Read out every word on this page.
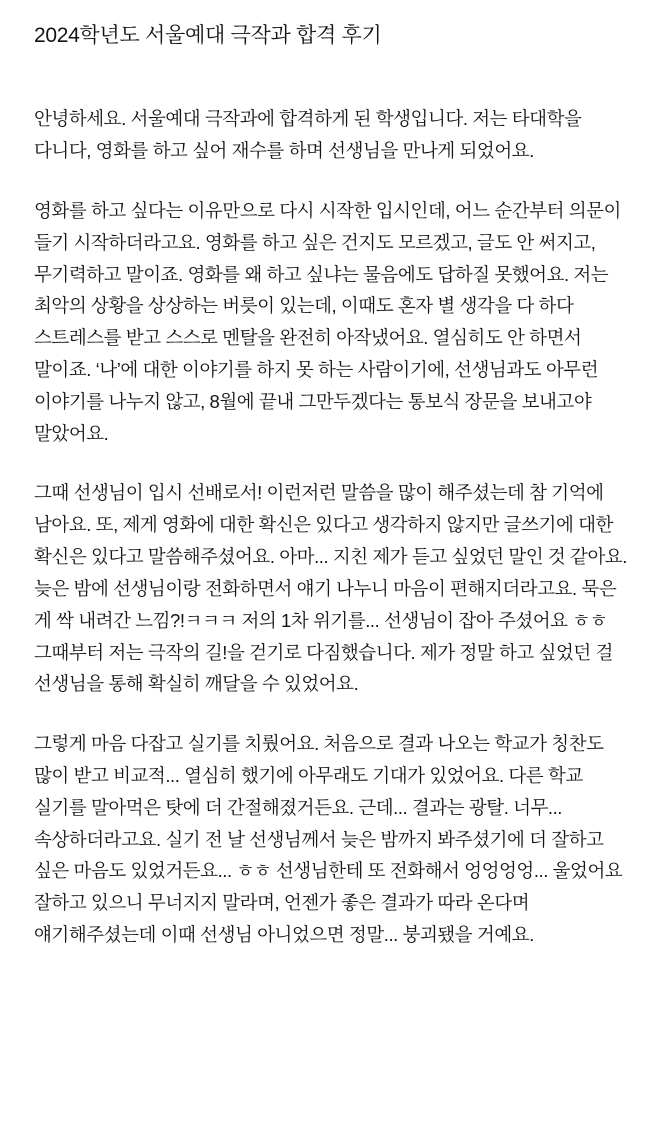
2024학년도 서울예대 극작과 합격 후기

안녕하세요. 서울예대 극작과에 합격하게 된 학생입니다. 저는 타대학을 다니다, 영화를 하고 싶어 재수를 하며 선생님을 만나게 되었어요.

영화를 하고 싶다는 이유만으로 다시 시작한 입시인데, 어느 순간부터 의문이 들기 시작하더라고요. 영화를 하고 싶은 건지도 모르겠고, 글도 안 써지고, 무기력하고 말이죠. 영화를 왜 하고 싶냐는 물음에도 답하질 못했어요. 저는 최악의 상황을 상상하는 버릇이 있는데, 이때도 혼자 별 생각을 다 하다 스트레스를 받고 스스로 멘탈을 완전히 아작냈어요. 열심히도 안 하면서 말이죠. ‘나’에 대한 이야기를 하지 못 하는 사람이기에, 선생님과도 아무런 이야기를 나누지 않고, 8월에 끝내 그만두겠다는 통보식 장문을 보내고야 말았어요.

그때 선생님이 입시 선배로서! 이런저런 말씀을 많이 해주셨는데 참 기억에 남아요. 또, 제게 영화에 대한 확신은 있다고 생각하지 않지만 글쓰기에 대한 확신은 있다고 말씀해주셨어요. 아마... 지친 제가 듣고 싶었던 말인 것 같아요. 늦은 밤에 선생님이랑 전화하면서 얘기 나누니 마음이 편해지더라고요. 묵은 게 싹 내려간 느낌?!ㅋㅋㅋ 저의 1차 위기를... 선생님이 잡아 주셨어요 ㅎㅎ 그때부터 저는 극작의 길!을 걷기로 다짐했습니다. 제가 정말 하고 싶었던 걸 선생님을 통해 확실히 깨달을 수 있었어요.

그렇게 마음 다잡고 실기를 치뤘어요. 처음으로 결과 나오는 학교가 칭찬도 많이 받고 비교적... 열심히 했기에 아무래도 기대가 있었어요. 다른 학교 실기를 말아먹은 탓에 더 간절해졌거든요. 근데... 결과는 광탈. 너무... 속상하더라고요. 실기 전 날 선생님께서 늦은 밤까지 봐주셨기에 더 잘하고 싶은 마음도 있었거든요... ㅎㅎ 선생님한테 또 전화해서 엉엉엉엉... 울었어요 잘하고 있으니 무너지지 말라며, 언젠가 좋은 결과가 따라 온다며 얘기해주셨는데 이때 선생님 아니었으면 정말... 붕괴됐을 거예요.
